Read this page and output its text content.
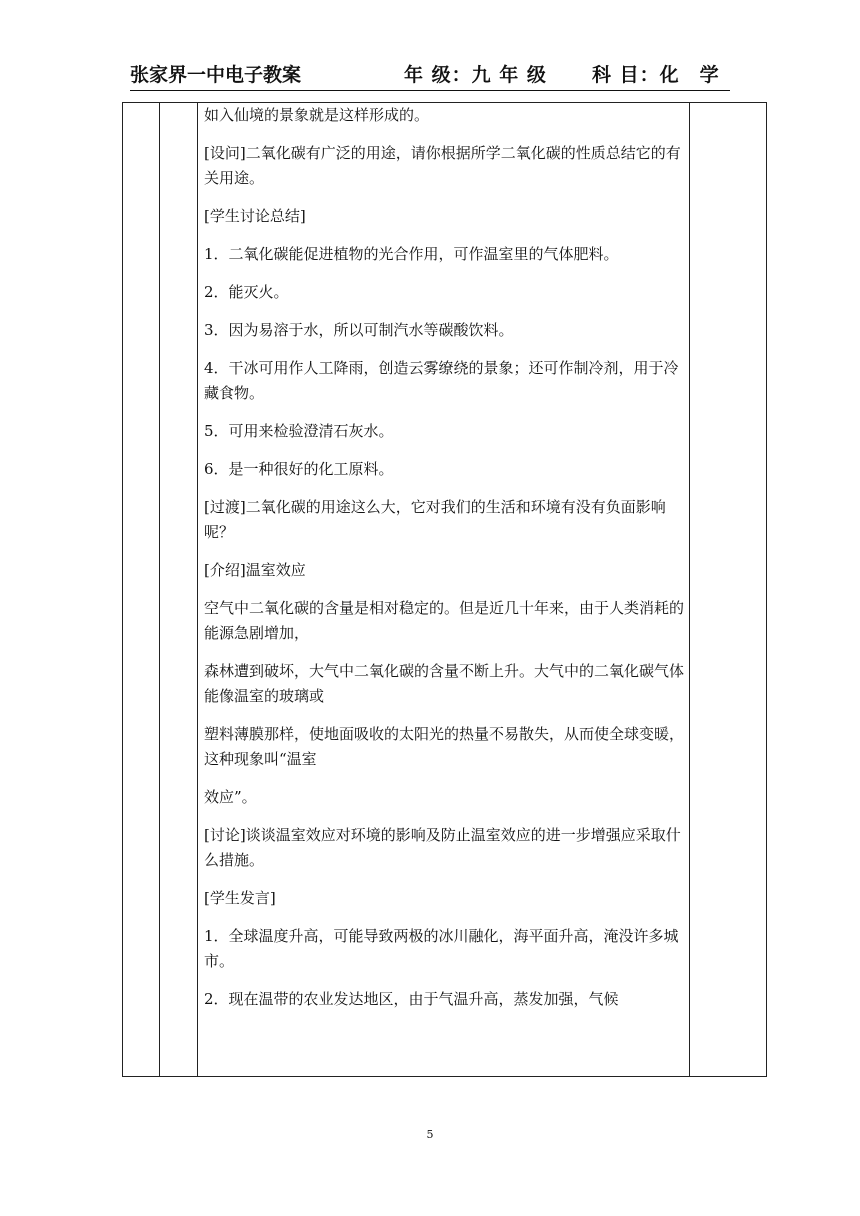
张家界一中电子教案	年 级：九 年 级 科 目：化　学

如入仙境的景象就是这样形成的。

[设问]二氧化碳有广泛的用途，请你根据所学二氧化碳的性质总结它的有关用途。

[学生讨论总结]

1．二氧化碳能促进植物的光合作用，可作温室里的气体肥料。

2．能灭火。

3．因为易溶于水，所以可制汽水等碳酸饮料。

4．干冰可用作人工降雨，创造云雾缭绕的景象；还可作制冷剂，用于冷藏食物。

5．可用来检验澄清石灰水。

6．是一种很好的化工原料。

[过渡]二氧化碳的用途这么大，它对我们的生活和环境有没有负面影响呢？

[介绍]温室效应

空气中二氧化碳的含量是相对稳定的。但是近几十年来，由于人类消耗的能源急剧增加，

森林遭到破坏，大气中二氧化碳的含量不断上升。大气中的二氧化碳气体能像温室的玻璃或

塑料薄膜那样，使地面吸收的太阳光的热量不易散失，从而使全球变暖，这种现象叫“温室

效应”。

[讨论]谈谈温室效应对环境的影响及防止温室效应的进一步增强应采取什么措施。

[学生发言]

1．全球温度升高，可能导致两极的冰川融化，海平面升高，淹没许多城市。

2．现在温带的农业发达地区，由于气温升高，蒸发加强，气候

5
